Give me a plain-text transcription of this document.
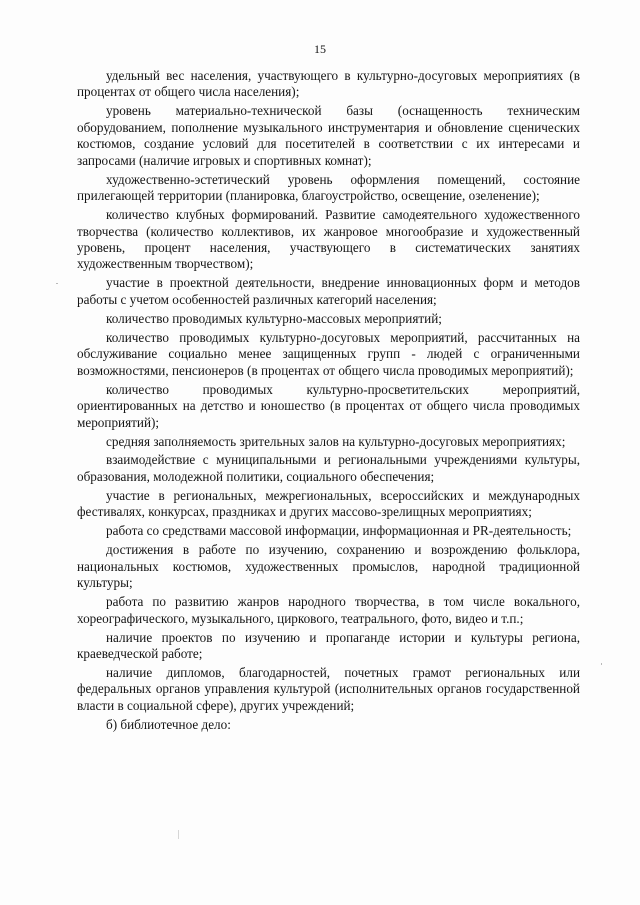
15

удельный вес населения, участвующего в культурно-досуговых мероприятиях (в процентах от общего числа населения);

уровень материально-технической базы (оснащенность техническим оборудованием, пополнение музыкального инструментария и обновление сценических костюмов, создание условий для посетителей в соответствии с их интересами и запросами (наличие игровых и спортивных комнат);

художественно-эстетический уровень оформления помещений, состояние прилегающей территории (планировка, благоустройство, освещение, озеленение);

количество клубных формирований. Развитие самодеятельного художественного творчества (количество коллективов, их жанровое многообразие и художественный уровень, процент населения, участвующего в систематических занятиях художественным творчеством);

участие в проектной деятельности, внедрение инновационных форм и методов работы с учетом особенностей различных категорий населения;

количество проводимых культурно-массовых мероприятий;

количество проводимых культурно-досуговых мероприятий, рассчитанных на обслуживание социально менее защищенных групп - людей с ограниченными возможностями, пенсионеров (в процентах от общего числа проводимых мероприятий);

количество проводимых культурно-просветительских мероприятий, ориентированных на детство и юношество (в процентах от общего числа проводимых мероприятий);

средняя заполняемость зрительных залов на культурно-досуговых мероприятиях;

взаимодействие с муниципальными и региональными учреждениями культуры, образования, молодежной политики, социального обеспечения;

участие в региональных, межрегиональных, всероссийских и международных фестивалях, конкурсах, праздниках и других массово-зрелищных мероприятиях;

работа со средствами массовой информации, информационная и PR-деятельность;

достижения в работе по изучению, сохранению и возрождению фольклора, национальных костюмов, художественных промыслов, народной традиционной культуры;

работа по развитию жанров народного творчества, в том числе вокального, хореографического, музыкального, циркового, театрального, фото, видео и т.п.;

наличие проектов по изучению и пропаганде истории и культуры региона, краеведческой работе;

наличие дипломов, благодарностей, почетных грамот региональных или федеральных органов управления культурой (исполнительных органов государственной власти в социальной сфере), других учреждений;

б) библиотечное дело:
